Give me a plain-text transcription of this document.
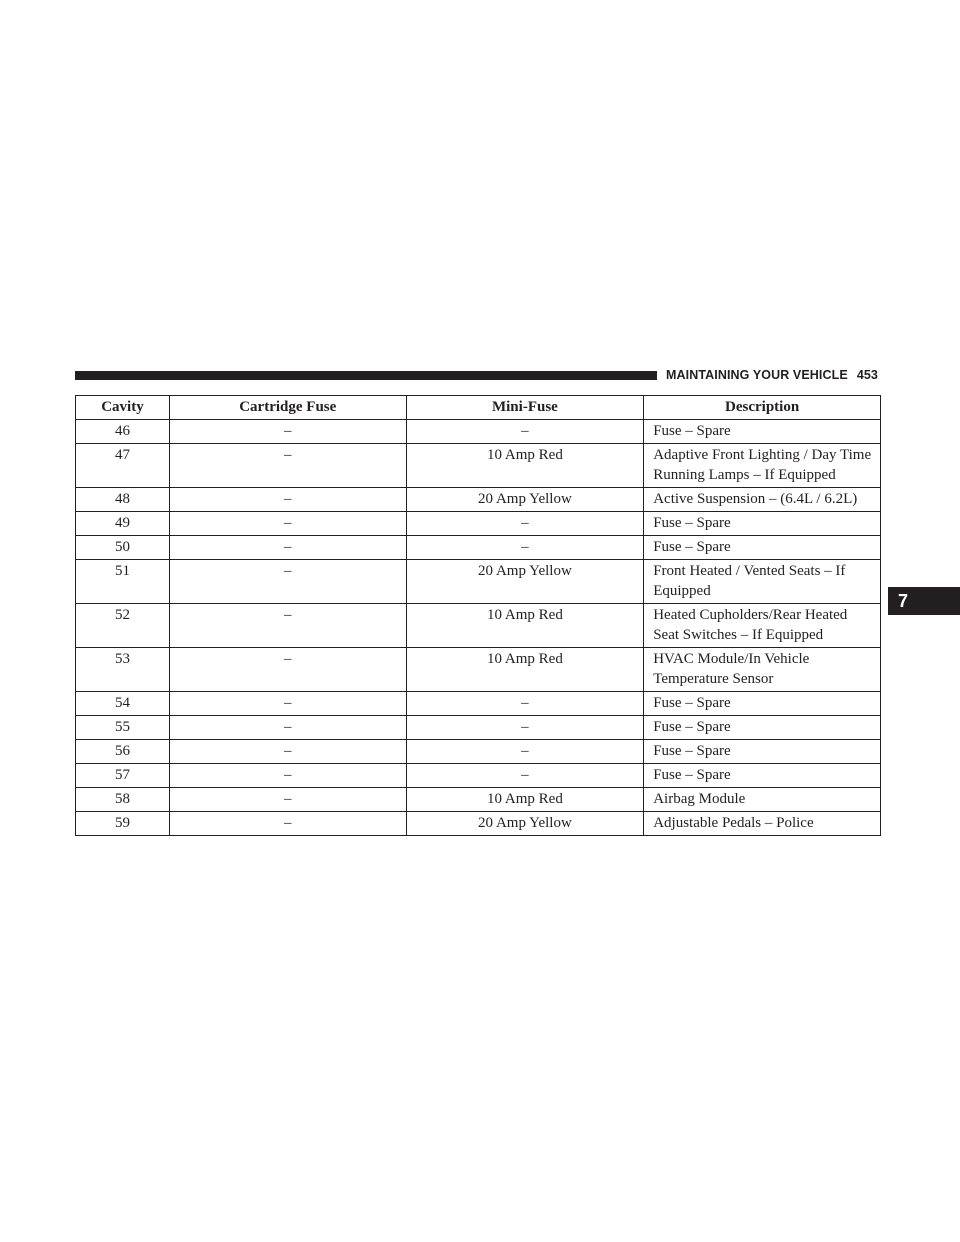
MAINTAINING YOUR VEHICLE 453
7
Cavity	Cartridge Fuse	Mini-Fuse	Description
46	–	–	Fuse – Spare
47	–	10 Amp Red	Adaptive Front Lighting / Day Time Running Lamps – If Equipped
48	–	20 Amp Yellow	Active Suspension – (6.4L / 6.2L)
49	–	–	Fuse – Spare
50	–	–	Fuse – Spare
51	–	20 Amp Yellow	Front Heated / Vented Seats – If Equipped
52	–	10 Amp Red	Heated Cupholders/Rear Heated Seat Switches – If Equipped
53	–	10 Amp Red	HVAC Module/In Vehicle Temperature Sensor
54	–	–	Fuse – Spare
55	–	–	Fuse – Spare
56	–	–	Fuse – Spare
57	–	–	Fuse – Spare
58	–	10 Amp Red	Airbag Module
59	–	20 Amp Yellow	Adjustable Pedals – Police
